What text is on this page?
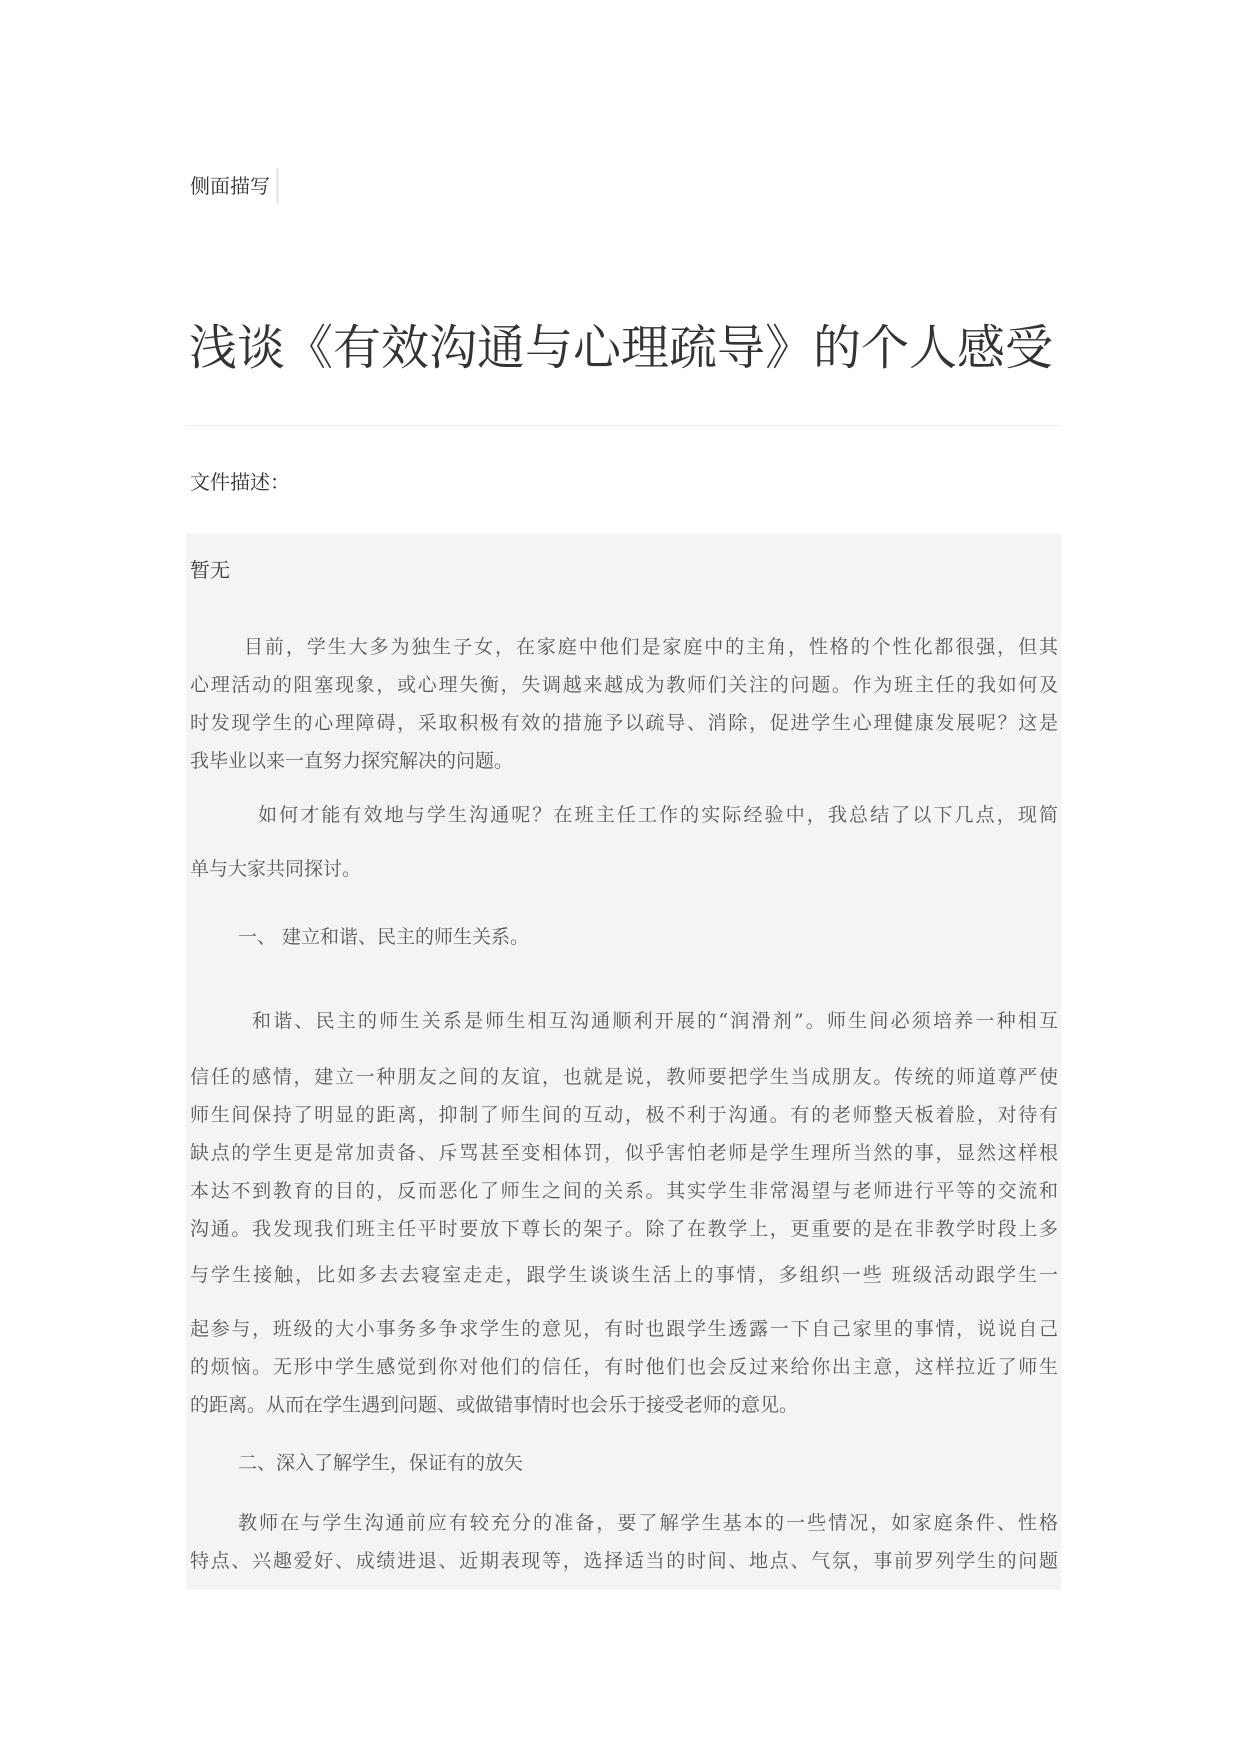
侧面描写
浅谈《有效沟通与心理疏导》的个人感受
文件描述：
暂无

目前，学生大多为独生子女，在家庭中他们是家庭中的主角，性格的个性化都很强，但其

心理活动的阻塞现象，或心理失衡，失调越来越成为教师们关注的问题。作为班主任的我如何及

时发现学生的心理障碍，采取积极有效的措施予以疏导、消除，促进学生心理健康发展呢？这是

我毕业以来一直努力探究解决的问题。

如何才能有效地与学生沟通呢？在班主任工作的实际经验中，我总结了以下几点，现简

单与大家共同探讨。

一、 建立和谐、民主的师生关系。

和谐、民主的师生关系是师生相互沟通顺利开展的“润滑剂”。师生间必须培养一种相互

信任的感情，建立一种朋友之间的友谊，也就是说，教师要把学生当成朋友。传统的师道尊严使

师生间保持了明显的距离，抑制了师生间的互动，极不利于沟通。有的老师整天板着脸，对待有

缺点的学生更是常加责备、斥骂甚至变相体罚，似乎害怕老师是学生理所当然的事，显然这样根

本达不到教育的目的，反而恶化了师生之间的关系。其实学生非常渴望与老师进行平等的交流和

沟通。我发现我们班主任平时要放下尊长的架子。除了在教学上，更重要的是在非教学时段上多

与学生接触，比如多去去寝室走走，跟学生谈谈生活上的事情，多组织一些 班级活动跟学生一

起参与，班级的大小事务多争求学生的意见，有时也跟学生透露一下自己家里的事情，说说自己

的烦恼。无形中学生感觉到你对他们的信任，有时他们也会反过来给你出主意，这样拉近了师生

的距离。从而在学生遇到问题、或做错事情时也会乐于接受老师的意见。

二、深入了解学生，保证有的放矢

教师在与学生沟通前应有较充分的准备，要了解学生基本的一些情况，如家庭条件、性格

特点、兴趣爱好、成绩进退、近期表现等，选择适当的时间、地点、气氛，事前罗列学生的问题
